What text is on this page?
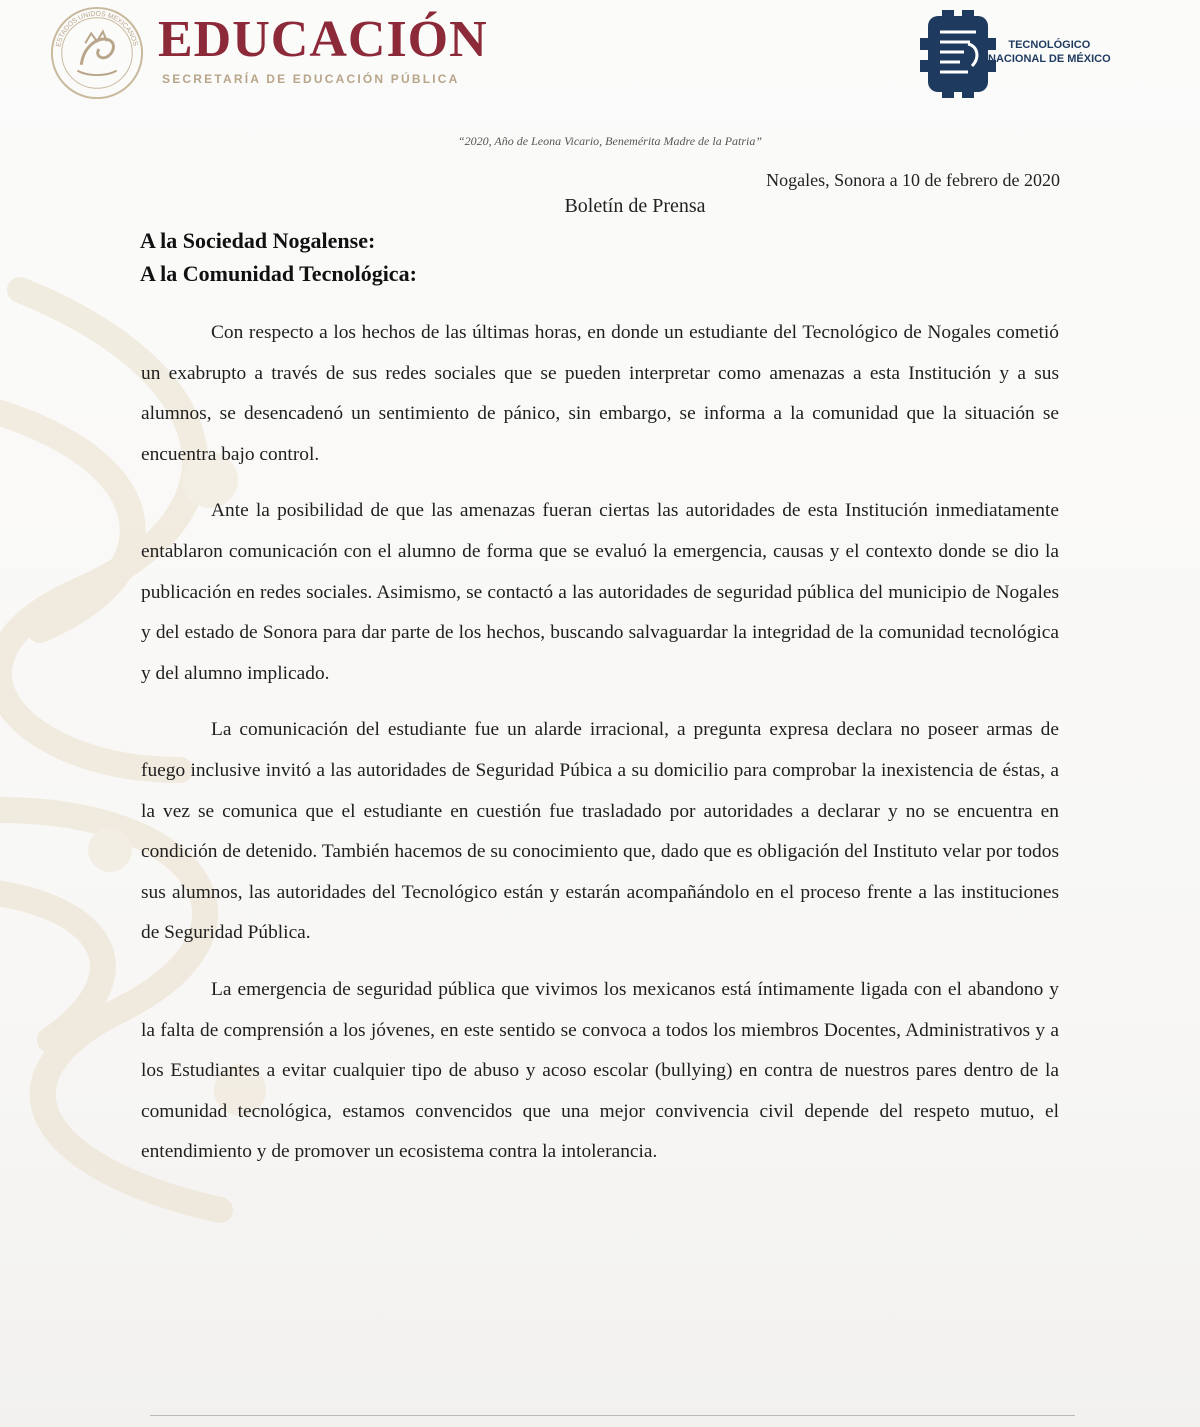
ESTADOS UNIDOS MEXICANOS EDUCACIÓN
SECRETARÍA DE EDUCACIÓN PÚBLICA
TECNOLÓGICO
NACIONAL DE MÉXICO
“2020, Año de Leona Vicario, Benemérita Madre de la Patria”
Nogales, Sonora a 10 de febrero de 2020
Boletín de Prensa
A la Sociedad Nogalense:
A la Comunidad Tecnológica:

Con respecto a los hechos de las últimas horas, en donde un estudiante del Tecnológico de Nogales cometió un exabrupto a través de sus redes sociales que se pueden interpretar como amenazas a esta Institución y a sus alumnos, se desencadenó un sentimiento de pánico, sin embargo, se informa a la comunidad que la situación se encuentra bajo control.

Ante la posibilidad de que las amenazas fueran ciertas las autoridades de esta Institución inmediatamente entablaron comunicación con el alumno de forma que se evaluó la emergencia, causas y el contexto donde se dio la publicación en redes sociales. Asimismo, se contactó a las autoridades de seguridad pública del municipio de Nogales y del estado de Sonora para dar parte de los hechos, buscando salvaguardar la integridad de la comunidad tecnológica y del alumno implicado.

La comunicación del estudiante fue un alarde irracional, a pregunta expresa declara no poseer armas de fuego inclusive invitó a las autoridades de Seguridad Púbica a su domicilio para comprobar la inexistencia de éstas, a la vez se comunica que el estudiante en cuestión fue trasladado por autoridades a declarar y no se encuentra en condición de detenido. También hacemos de su conocimiento que, dado que es obligación del Instituto velar por todos sus alumnos, las autoridades del Tecnológico están y estarán acompañándolo en el proceso frente a las instituciones de Seguridad Pública.

La emergencia de seguridad pública que vivimos los mexicanos está íntimamente ligada con el abandono y la falta de comprensión a los jóvenes, en este sentido se convoca a todos los miembros Docentes, Administrativos y a los Estudiantes a evitar cualquier tipo de abuso y acoso escolar (bullying) en contra de nuestros pares dentro de la comunidad tecnológica, estamos convencidos que una mejor convivencia civil depende del respeto mutuo, el entendimiento y de promover un ecosistema contra la intolerancia.
